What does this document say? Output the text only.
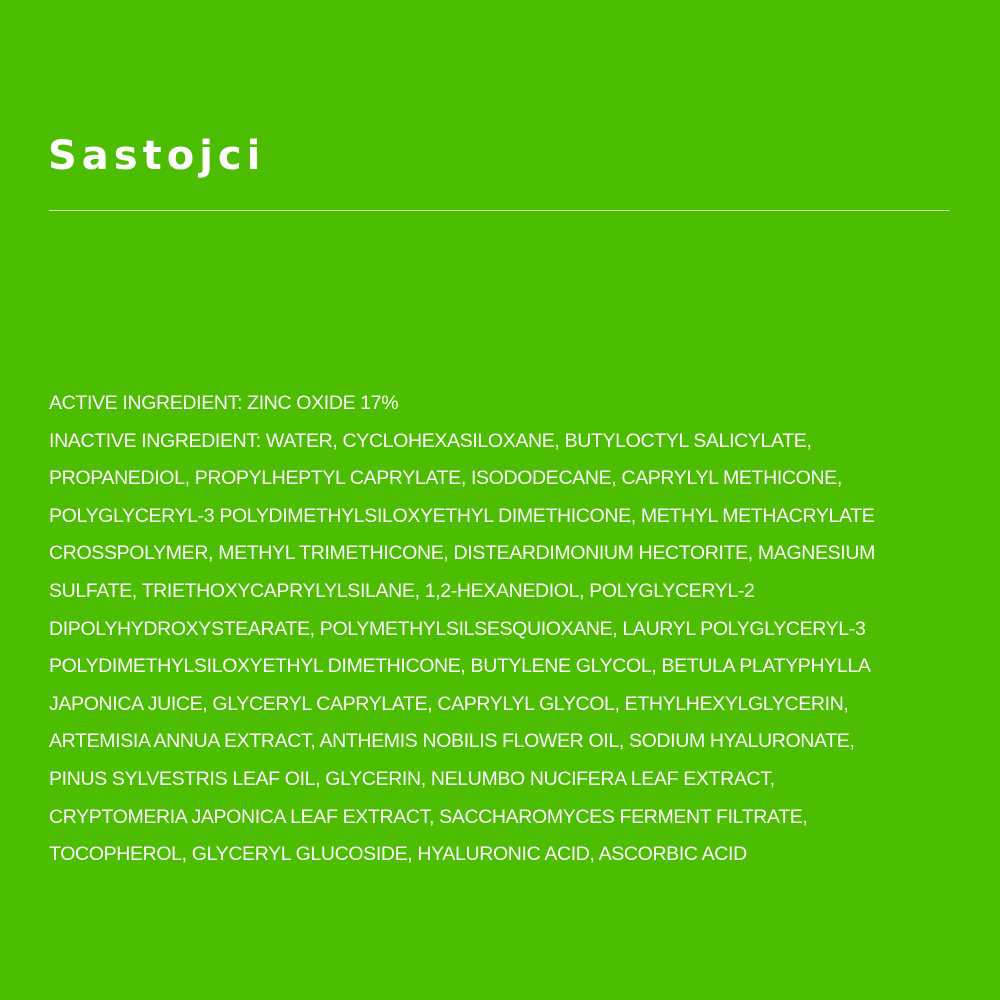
Sastojci

ACTIVE INGREDIENT: ZINC OXIDE 17%
INACTIVE INGREDIENT: WATER, CYCLOHEXASILOXANE, BUTYLOCTYL SALICYLATE,
PROPANEDIOL, PROPYLHEPTYL CAPRYLATE, ISODODECANE, CAPRYLYL METHICONE,
POLYGLYCERYL-3 POLYDIMETHYLSILOXYETHYL DIMETHICONE, METHYL METHACRYLATE
CROSSPOLYMER, METHYL TRIMETHICONE, DISTEARDIMONIUM HECTORITE, MAGNESIUM
SULFATE, TRIETHOXYCAPRYLYLSILANE, 1,2-HEXANEDIOL, POLYGLYCERYL-2
DIPOLYHYDROXYSTEARATE, POLYMETHYLSILSESQUIOXANE, LAURYL POLYGLYCERYL-3
POLYDIMETHYLSILOXYETHYL DIMETHICONE, BUTYLENE GLYCOL, BETULA PLATYPHYLLA
JAPONICA JUICE, GLYCERYL CAPRYLATE, CAPRYLYL GLYCOL, ETHYLHEXYLGLYCERIN,
ARTEMISIA ANNUA EXTRACT, ANTHEMIS NOBILIS FLOWER OIL, SODIUM HYALURONATE,
PINUS SYLVESTRIS LEAF OIL, GLYCERIN, NELUMBO NUCIFERA LEAF EXTRACT,
CRYPTOMERIA JAPONICA LEAF EXTRACT, SACCHAROMYCES FERMENT FILTRATE,
TOCOPHEROL, GLYCERYL GLUCOSIDE, HYALURONIC ACID, ASCORBIC ACID
